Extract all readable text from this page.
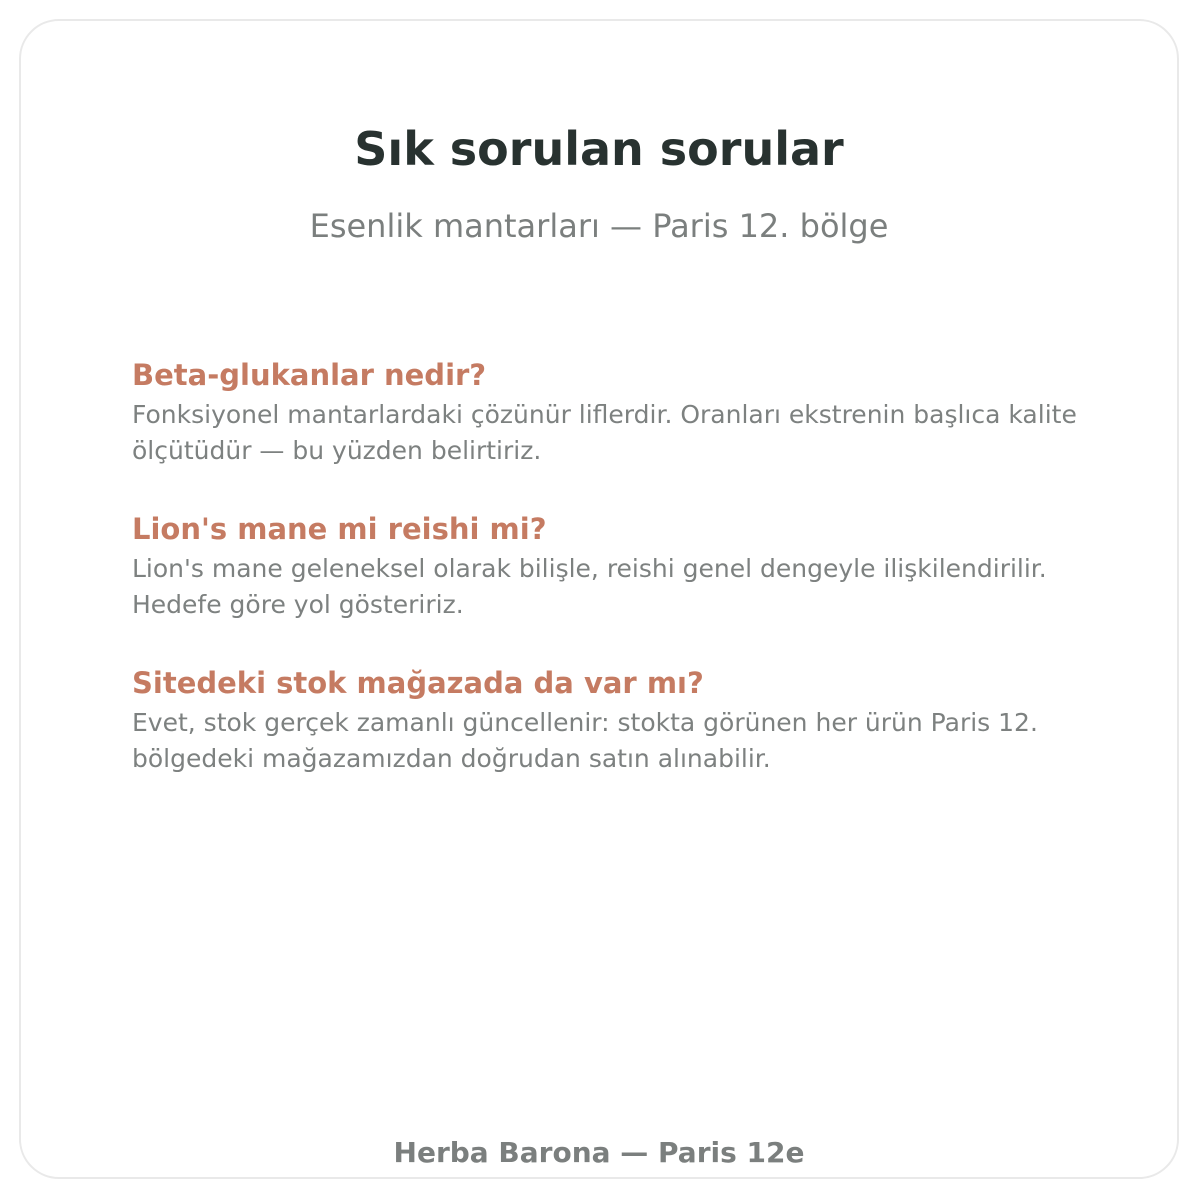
Sık sorulan sorular

Esenlik mantarları — Paris 12. bölge

Beta-glukanlar nedir?

Fonksiyonel mantarlardaki çözünür liflerdir. Oranları ekstrenin başlıca kalite ölçütüdür — bu yüzden belirtiriz.

Lion's mane mi reishi mi?

Lion's mane geleneksel olarak bilişle, reishi genel dengeyle ilişkilendirilir. Hedefe göre yol gösteririz.

Sitedeki stok mağazada da var mı?

Evet, stok gerçek zamanlı güncellenir: stokta görünen her ürün Paris 12. bölgedeki mağazamızdan doğrudan satın alınabilir.

Herba Barona — Paris 12e
